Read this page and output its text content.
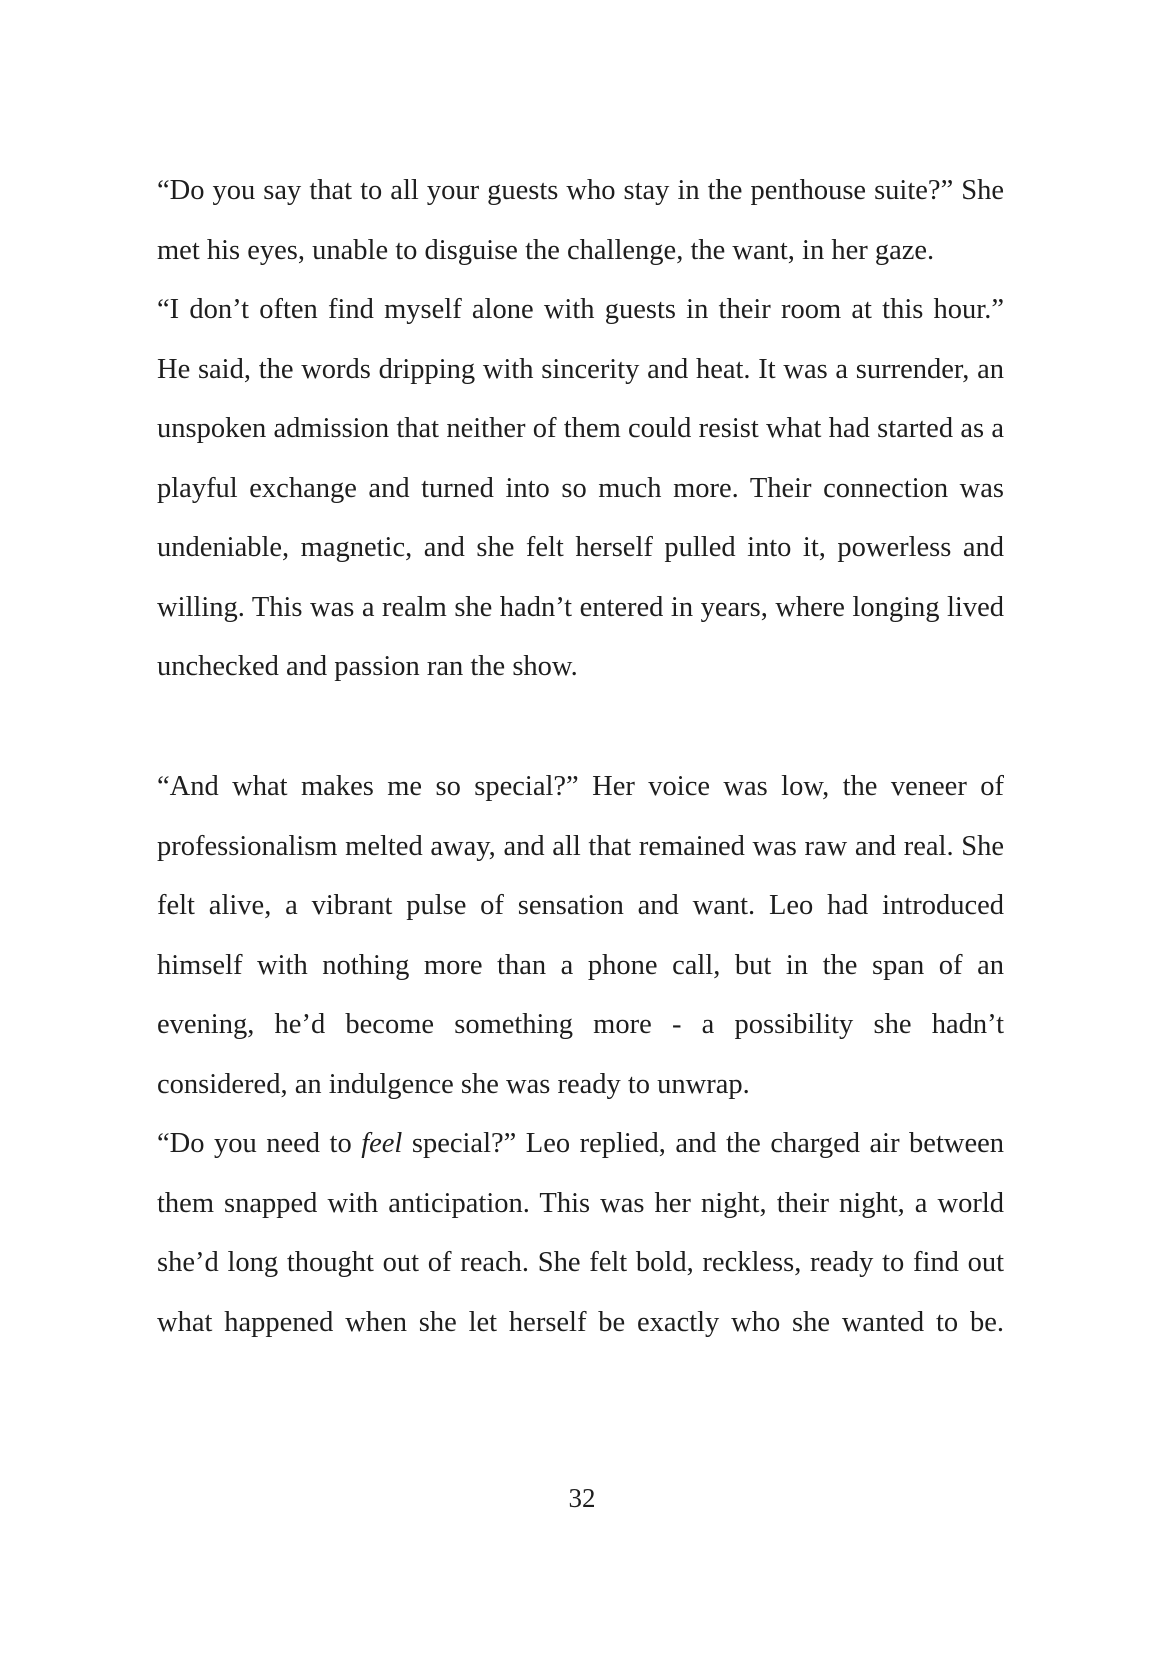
“Do you say that to all your guests who stay in the penthouse suite?” She met his eyes, unable to disguise the challenge, the want, in her gaze.

“I don’t often find myself alone with guests in their room at this hour.” He said, the words dripping with sincerity and heat. It was a surrender, an unspoken admission that neither of them could resist what had started as a playful exchange and turned into so much more. Their connection was undeniable, magnetic, and she felt herself pulled into it, powerless and willing. This was a realm she hadn’t entered in years, where longing lived unchecked and passion ran the show.

“And what makes me so special?” Her voice was low, the veneer of professionalism melted away, and all that remained was raw and real. She felt alive, a vibrant pulse of sensation and want. Leo had introduced himself with nothing more than a phone call, but in the span of an evening, he’d become something more - a possibility she hadn’t considered, an indulgence she was ready to unwrap.

“Do you need to feel special?” Leo replied, and the charged air between them snapped with anticipation. This was her night, their night, a world she’d long thought out of reach. She felt bold, reckless, ready to find out what happened when she let herself be exactly who she wanted to be.

32
